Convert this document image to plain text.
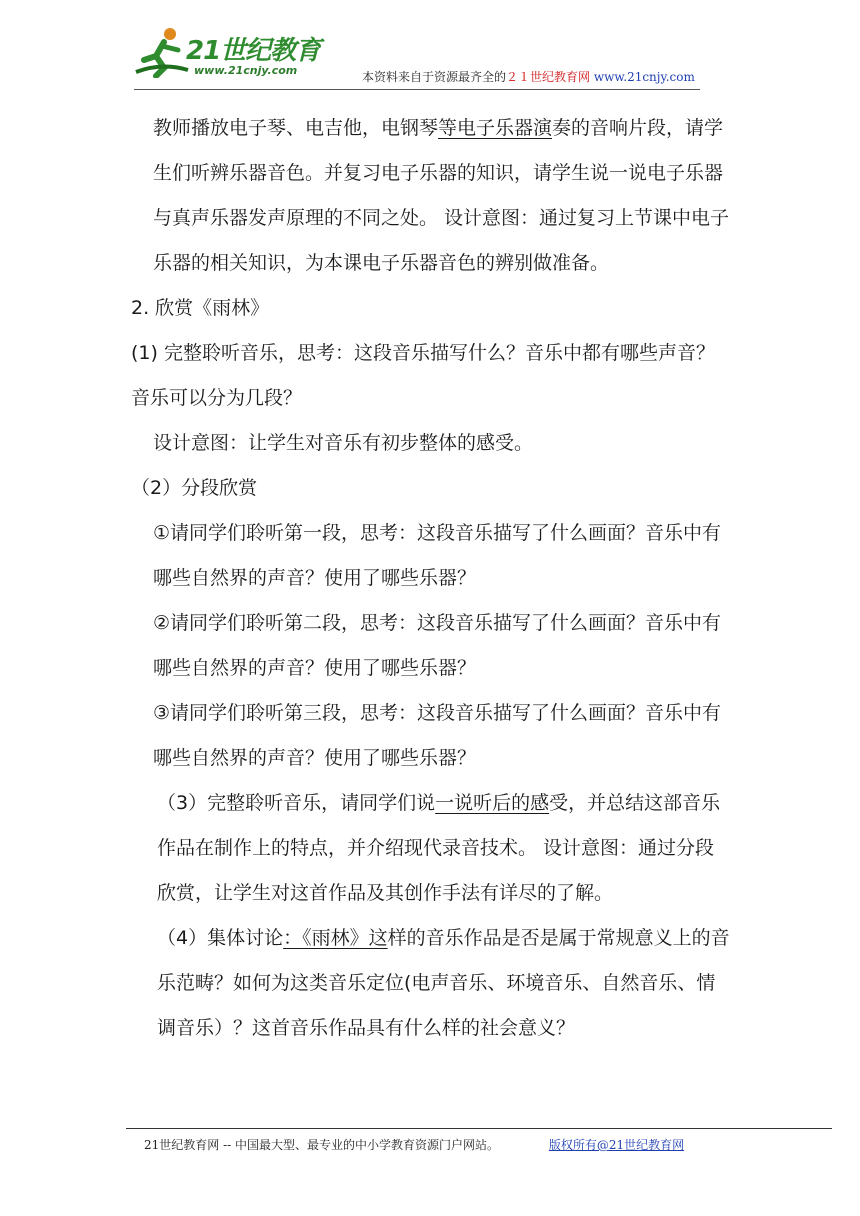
21世纪教育
www.21cnjy.com	本资料来自于资源最齐全的２１世纪教育网 www.21cnjy.com

教师播放电子琴、电吉他，电钢琴等电子乐器演奏的音响片段，请学生们听辨乐器音色。并复习电子乐器的知识，请学生说一说电子乐器与真声乐器发声原理的不同之处。 设计意图：通过复习上节课中电子乐器的相关知识，为本课电子乐器音色的辨别做准备。

2. 欣赏《雨林》

(1) 完整聆听音乐，思考：这段音乐描写什么？音乐中都有哪些声音？音乐可以分为几段？

设计意图：让学生对音乐有初步整体的感受。

（2）分段欣赏

①请同学们聆听第一段，思考：这段音乐描写了什么画面？音乐中有哪些自然界的声音？使用了哪些乐器？

②请同学们聆听第二段，思考：这段音乐描写了什么画面？音乐中有哪些自然界的声音？使用了哪些乐器？

③请同学们聆听第三段，思考：这段音乐描写了什么画面？音乐中有哪些自然界的声音？使用了哪些乐器？

（3）完整聆听音乐，请同学们说一说听后的感受，并总结这部音乐作品在制作上的特点，并介绍现代录音技术。 设计意图：通过分段欣赏，让学生对这首作品及其创作手法有详尽的了解。

（4）集体讨论：《雨林》这样的音乐作品是否是属于常规意义上的音乐范畴？如何为这类音乐定位(电声音乐、环境音乐、自然音乐、情调音乐）？这首音乐作品具有什么样的社会意义？

21世纪教育网 -- 中国最大型、最专业的中小学教育资源门户网站。	版权所有@21世纪教育网
